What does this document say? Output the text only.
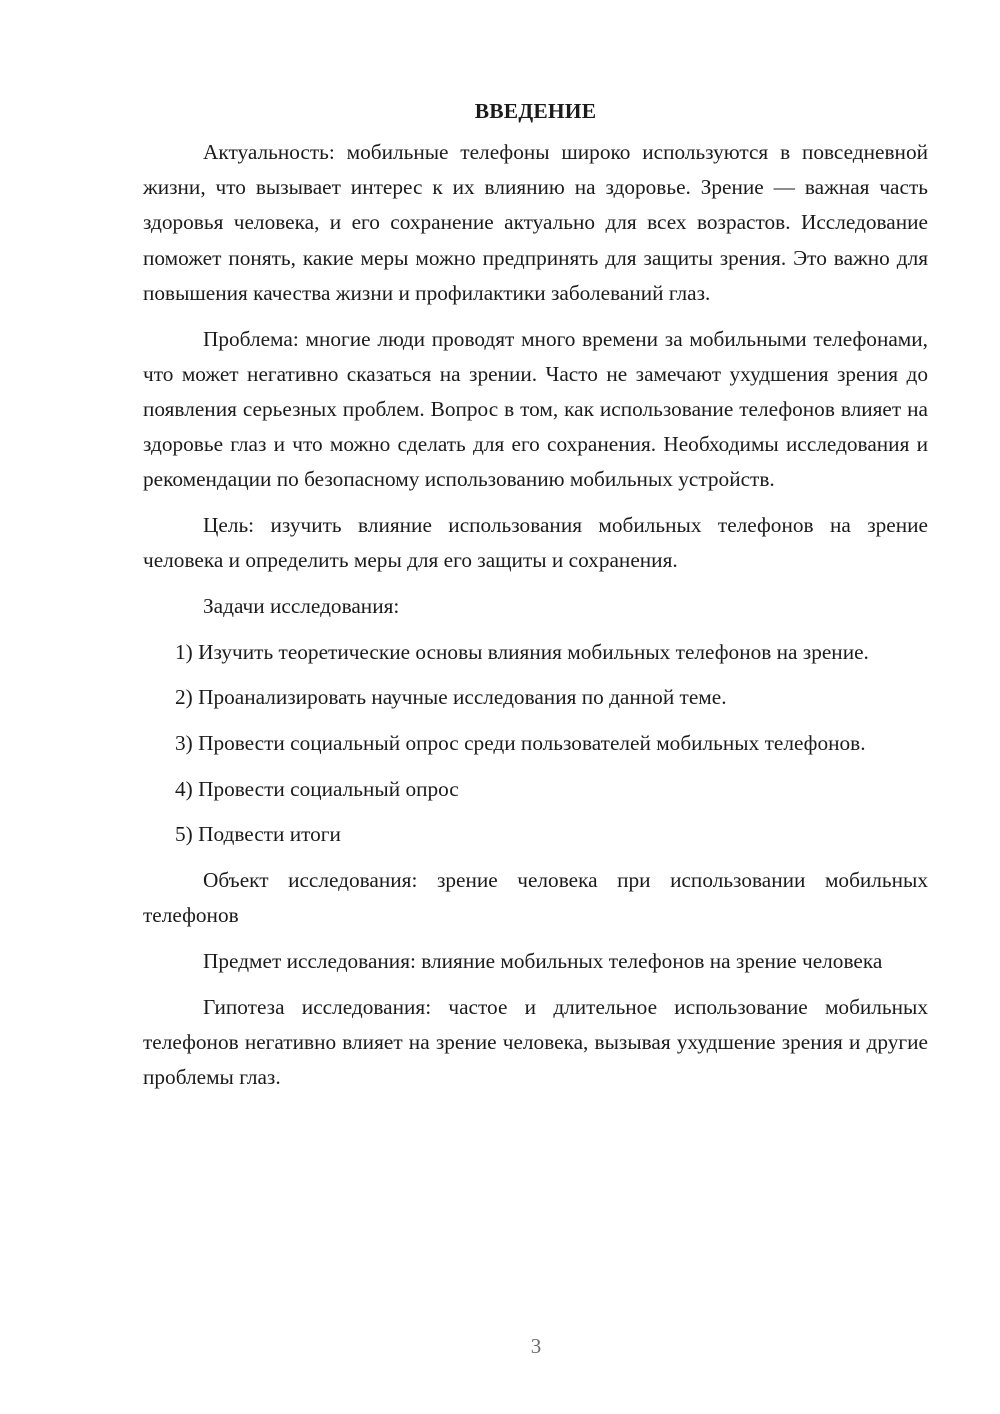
ВВЕДЕНИЕ

Актуальность: мобильные телефоны широко используются в повседневной жизни, что вызывает интерес к их влиянию на здоровье. Зрение — важная часть здоровья человека, и его сохранение актуально для всех возрастов. Исследование поможет понять, какие меры можно предпринять для защиты зрения. Это важно для повышения качества жизни и профилактики заболеваний глаз.

Проблема: многие люди проводят много времени за мобильными телефонами, что может негативно сказаться на зрении. Часто не замечают ухудшения зрения до появления серьезных проблем. Вопрос в том, как использование телефонов влияет на здоровье глаз и что можно сделать для его сохранения. Необходимы исследования и рекомендации по безопасному использованию мобильных устройств.

Цель: изучить влияние использования мобильных телефонов на зрение человека и определить меры для его защиты и сохранения.

Задачи исследования:

1) Изучить теоретические основы влияния мобильных телефонов на зрение.

2) Проанализировать научные исследования по данной теме.

3) Провести социальный опрос среди пользователей мобильных телефонов.

4) Провести социальный опрос

5) Подвести итоги

Объект исследования: зрение человека при использовании мобильных телефонов

Предмет исследования: влияние мобильных телефонов на зрение человека

Гипотеза исследования: частое и длительное использование мобильных телефонов негативно влияет на зрение человека, вызывая ухудшение зрения и другие проблемы глаз.

3
